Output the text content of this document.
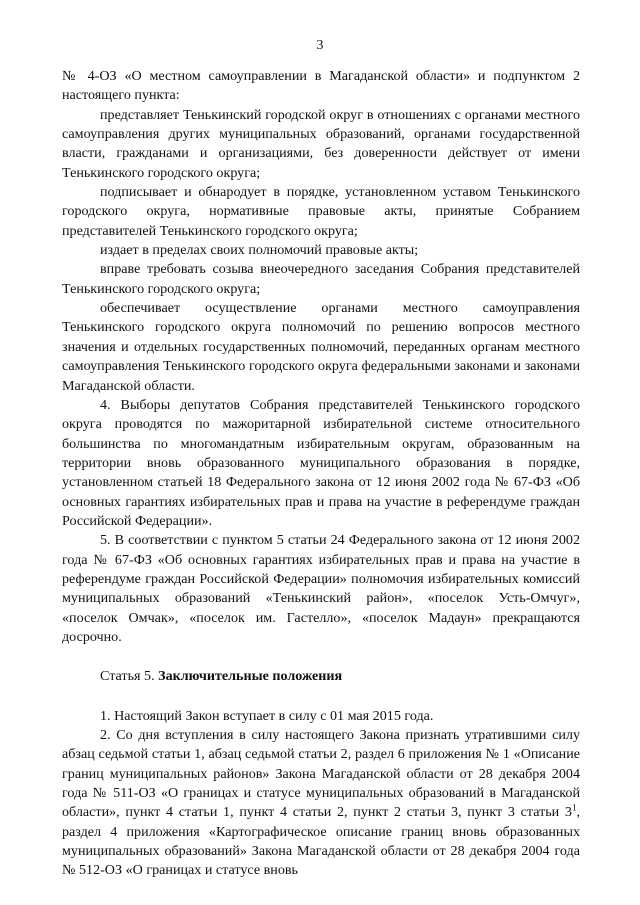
3

№ 4-ОЗ «О местном самоуправлении в Магаданской области» и подпунктом 2 настоящего пункта:

представляет Тенькинский городской округ в отношениях с органами местного самоуправления других муниципальных образований, органами государственной власти, гражданами и организациями, без доверенности действует от имени Тенькинского городского округа;

подписывает и обнародует в порядке, установленном уставом Тенькинского городского округа, нормативные правовые акты, принятые Собранием представителей Тенькинского городского округа;

издает в пределах своих полномочий правовые акты;

вправе требовать созыва внеочередного заседания Собрания представителей Тенькинского городского округа;

обеспечивает осуществление органами местного самоуправления Тенькинского городского округа полномочий по решению вопросов местного значения и отдельных государственных полномочий, переданных органам местного самоуправления Тенькинского городского округа федеральными законами и законами Магаданской области.

4. Выборы депутатов Собрания представителей Тенькинского городского округа проводятся по мажоритарной избирательной системе относительного большинства по многомандатным избирательным округам, образованным на территории вновь образованного муниципального образования в порядке, установленном статьей 18 Федерального закона от 12 июня 2002 года № 67-ФЗ «Об основных гарантиях избирательных прав и права на участие в референдуме граждан Российской Федерации».

5. В соответствии с пунктом 5 статьи 24 Федерального закона от 12 июня 2002 года № 67-ФЗ «Об основных гарантиях избирательных прав и права на участие в референдуме граждан Российской Федерации» полномочия избирательных комиссий муниципальных образований «Тенькинский район», «поселок Усть-Омчуг», «поселок Омчак», «поселок им. Гастелло», «поселок Мадаун» прекращаются досрочно.

Статья 5. Заключительные положения

1. Настоящий Закон вступает в силу с 01 мая 2015 года.

2. Со дня вступления в силу настоящего Закона признать утратившими силу абзац седьмой статьи 1, абзац седьмой статьи 2, раздел 6 приложения № 1 «Описание границ муниципальных районов» Закона Магаданской области от 28 декабря 2004 года № 511-ОЗ «О границах и статусе муниципальных образований в Магаданской области», пункт 4 статьи 1, пункт 4 статьи 2, пункт 2 статьи 3, пункт 3 статьи $3^1$, раздел 4 приложения «Картографическое описание границ вновь образованных муниципальных образований» Закона Магаданской области от 28 декабря 2004 года № 512-ОЗ «О границах и статусе вновь
